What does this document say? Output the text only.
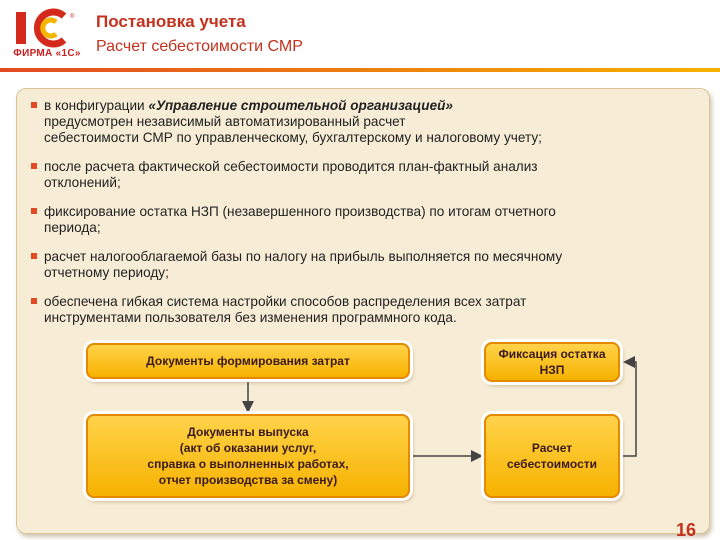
®
ФИРМА «1С»
Постановка учета
Расчет себестоимости СМР
в конфигурации «Управление строительной организацией»
предусмотрен независимый автоматизированный расчет
себестоимости СМР по управленческому, бухгалтерскому и налоговому учету;
после расчета фактической себестоимости проводится план-фактный анализ
отклонений;
фиксирование остатка НЗП (незавершенного производства) по итогам отчетного
периода;
расчет налогооблагаемой базы по налогу на прибыль выполняется по месячному
отчетному периоду;
обеспечена гибкая система настройки способов распределения всех затрат
инструментами пользователя без изменения программного кода.
Документы формирования затрат
Документы выпуска
(акт об оказании услуг,
справка о выполненных работах,
отчет производства за смену)
Фиксация остатка
НЗП
Расчет
себестоимости
16
